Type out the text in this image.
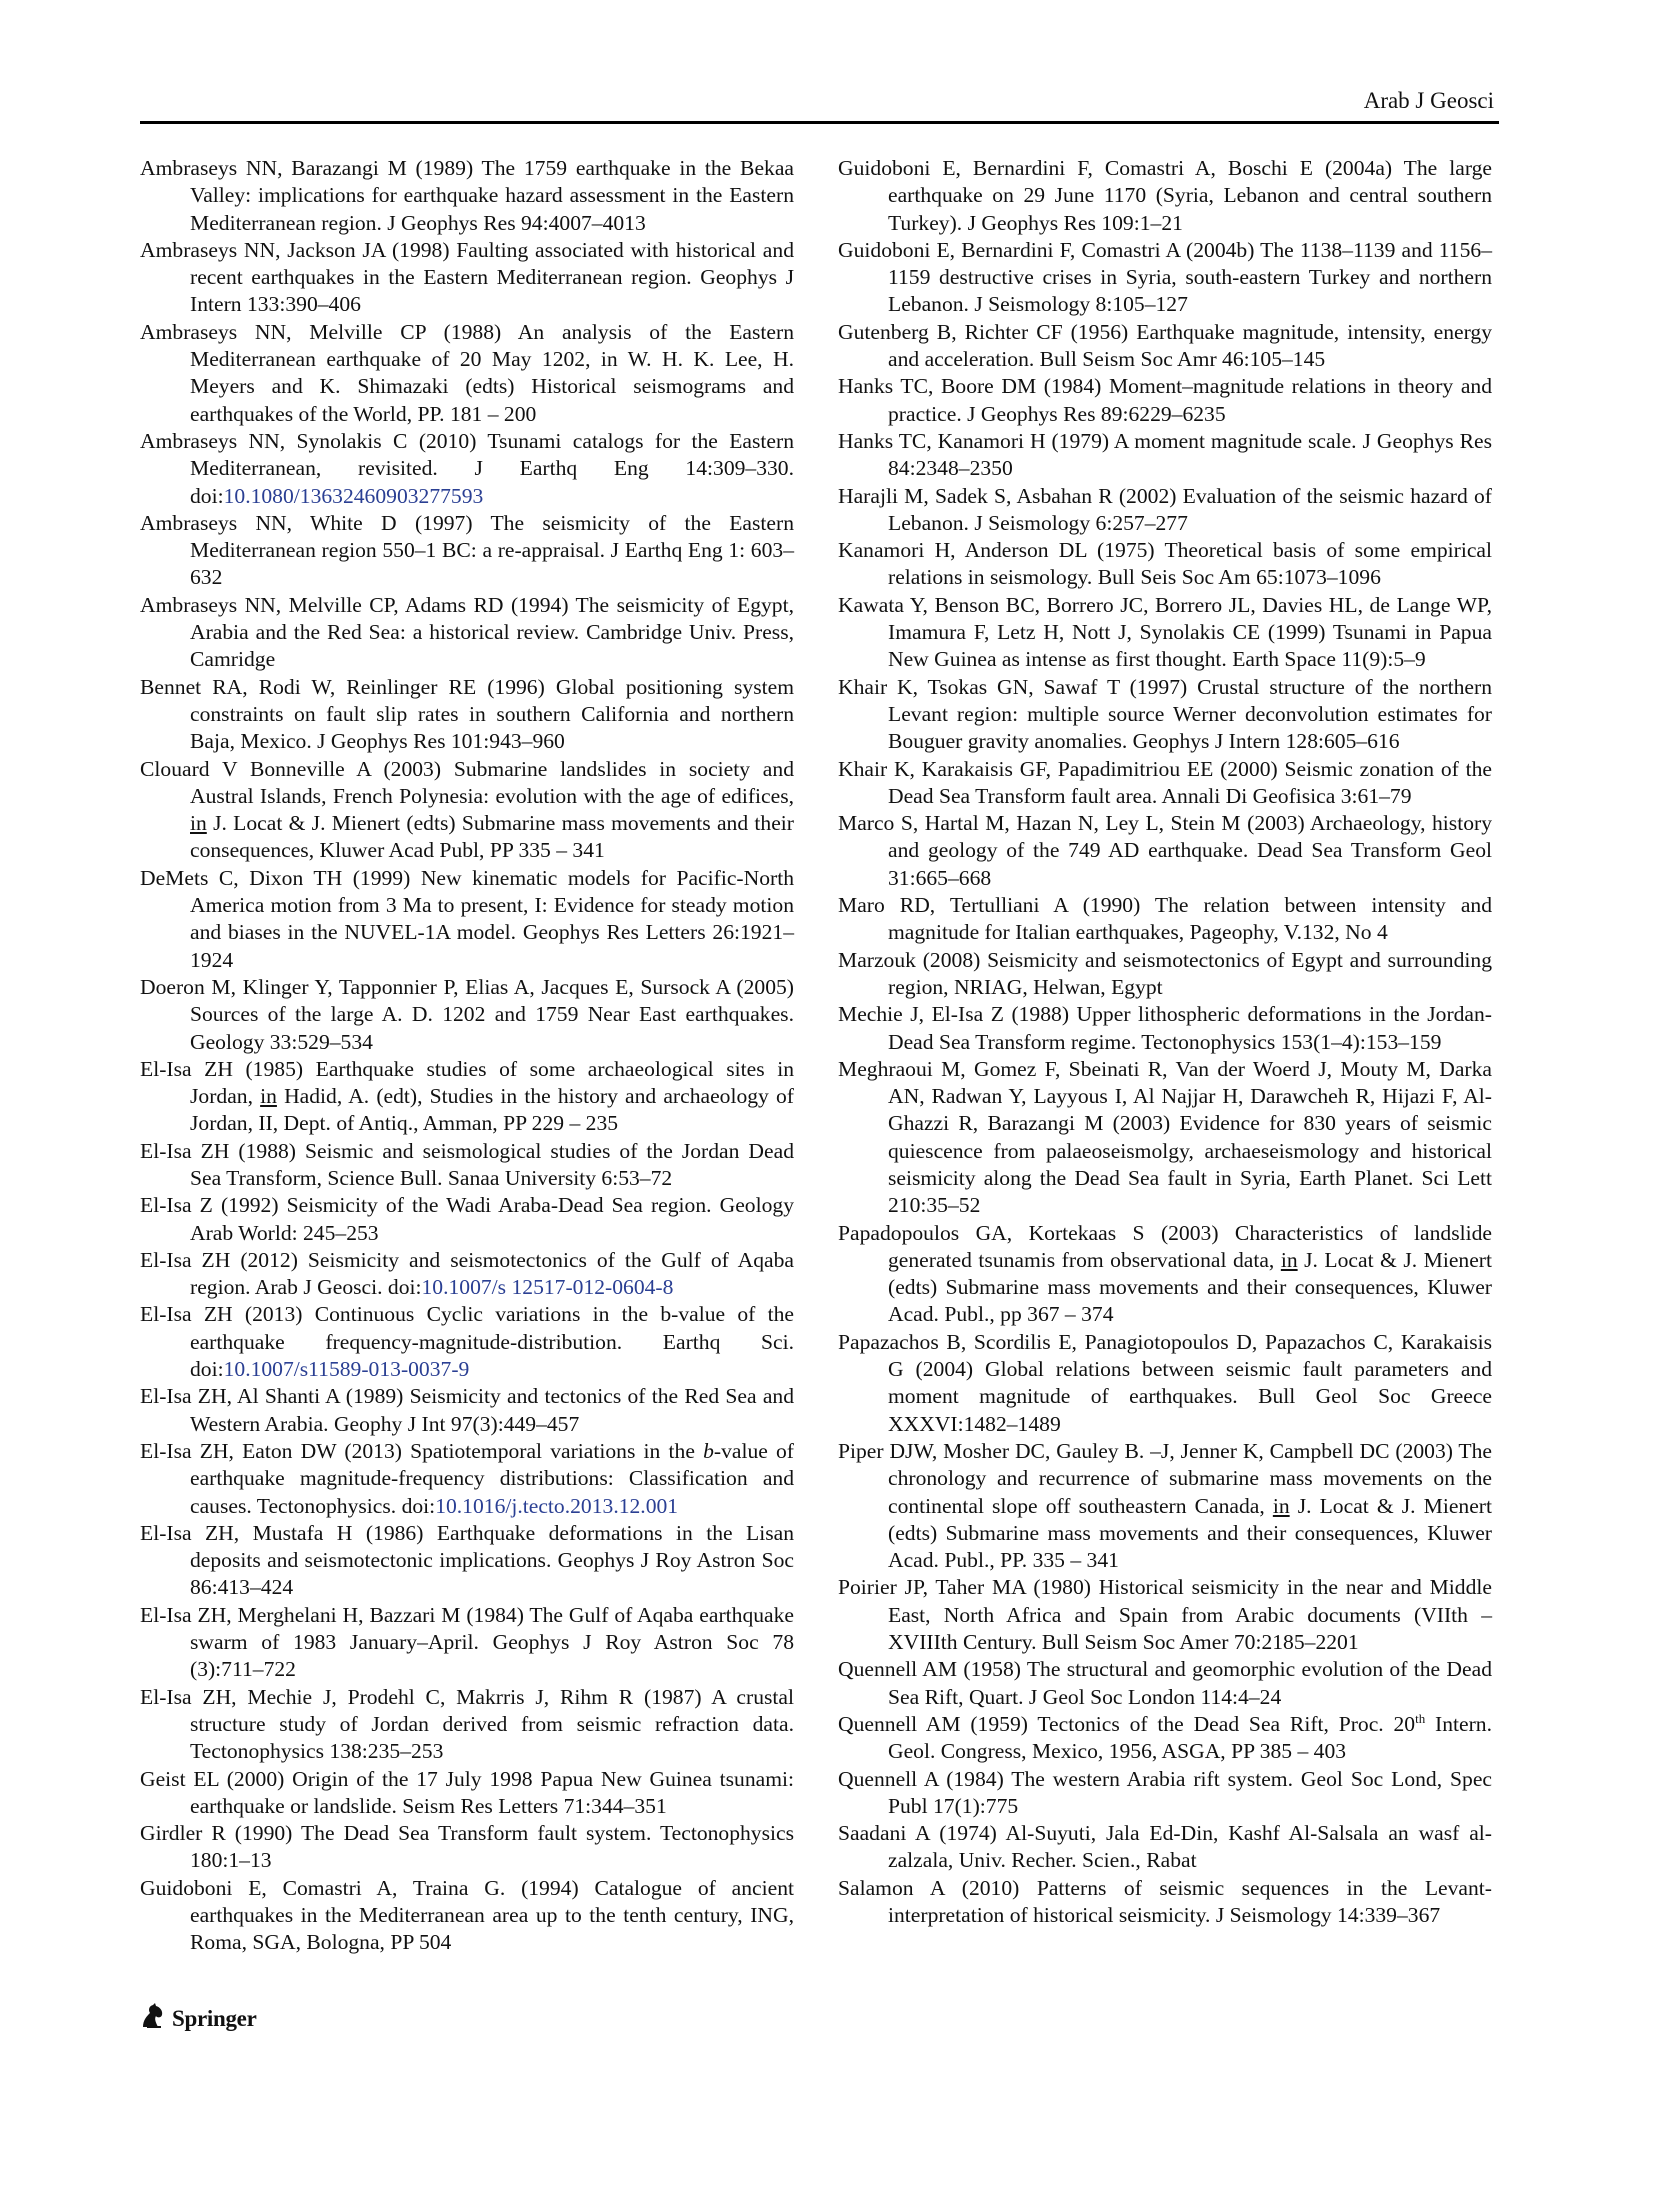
Arab J Geosci

Ambraseys NN, Barazangi M (1989) The 1759 earthquake in the Bekaa Valley: implications for earthquake hazard assessment in the Eastern Mediterranean region. J Geophys Res 94:4007–4013

Ambraseys NN, Jackson JA (1998) Faulting associated with historical and recent earthquakes in the Eastern Mediterranean region. Geophys J Intern 133:390–406

Ambraseys NN, Melville CP (1988) An analysis of the Eastern Mediterranean earthquake of 20 May 1202, in W. H. K. Lee, H. Meyers and K. Shimazaki (edts) Historical seismograms and earthquakes of the World, PP. 181 – 200

Ambraseys NN, Synolakis C (2010) Tsunami catalogs for the Eastern Mediterranean, revisited. J Earthq Eng 14:309–330. doi:10.1080/13632460903277593

Ambraseys NN, White D (1997) The seismicity of the Eastern Mediterranean region 550–1 BC: a re-appraisal. J Earthq Eng 1: 603–632

Ambraseys NN, Melville CP, Adams RD (1994) The seismicity of Egypt, Arabia and the Red Sea: a historical review. Cambridge Univ. Press, Camridge

Bennet RA, Rodi W, Reinlinger RE (1996) Global positioning system constraints on fault slip rates in southern California and northern Baja, Mexico. J Geophys Res 101:943–960

Clouard V Bonneville A (2003) Submarine landslides in society and Austral Islands, French Polynesia: evolution with the age of edifices, in J. Locat & J. Mienert (edts) Submarine mass movements and their consequences, Kluwer Acad Publ, PP 335 – 341

DeMets C, Dixon TH (1999) New kinematic models for Pacific-North America motion from 3 Ma to present, I: Evidence for steady motion and biases in the NUVEL-1A model. Geophys Res Letters 26:1921–1924

Doeron M, Klinger Y, Tapponnier P, Elias A, Jacques E, Sursock A (2005) Sources of the large A. D. 1202 and 1759 Near East earthquakes. Geology 33:529–534

El-Isa ZH (1985) Earthquake studies of some archaeological sites in Jordan, in Hadid, A. (edt), Studies in the history and archaeology of Jordan, II, Dept. of Antiq., Amman, PP 229 – 235

El-Isa ZH (1988) Seismic and seismological studies of the Jordan Dead Sea Transform, Science Bull. Sanaa University 6:53–72

El-Isa Z (1992) Seismicity of the Wadi Araba-Dead Sea region. Geology Arab World: 245–253

El-Isa ZH (2012) Seismicity and seismotectonics of the Gulf of Aqaba region. Arab J Geosci. doi:10.1007/s 12517-012-0604-8

El-Isa ZH (2013) Continuous Cyclic variations in the b-value of the earthquake frequency-magnitude-distribution. Earthq Sci. doi:10.1007/s11589-013-0037-9

El-Isa ZH, Al Shanti A (1989) Seismicity and tectonics of the Red Sea and Western Arabia. Geophy J Int 97(3):449–457

El-Isa ZH, Eaton DW (2013) Spatiotemporal variations in the b-value of earthquake magnitude-frequency distributions: Classification and causes. Tectonophysics. doi:10.1016/j.tecto.2013.12.001

El-Isa ZH, Mustafa H (1986) Earthquake deformations in the Lisan deposits and seismotectonic implications. Geophys J Roy Astron Soc 86:413–424

El-Isa ZH, Merghelani H, Bazzari M (1984) The Gulf of Aqaba earthquake swarm of 1983 January–April. Geophys J Roy Astron Soc 78 (3):711–722

El-Isa ZH, Mechie J, Prodehl C, Makrris J, Rihm R (1987) A crustal structure study of Jordan derived from seismic refraction data. Tectonophysics 138:235–253

Geist EL (2000) Origin of the 17 July 1998 Papua New Guinea tsunami: earthquake or landslide. Seism Res Letters 71:344–351

Girdler R (1990) The Dead Sea Transform fault system. Tectonophysics 180:1–13

Guidoboni E, Comastri A, Traina G. (1994) Catalogue of ancient earthquakes in the Mediterranean area up to the tenth century, ING, Roma, SGA, Bologna, PP 504

Guidoboni E, Bernardini F, Comastri A, Boschi E (2004a) The large earthquake on 29 June 1170 (Syria, Lebanon and central southern Turkey). J Geophys Res 109:1–21

Guidoboni E, Bernardini F, Comastri A (2004b) The 1138–1139 and 1156–1159 destructive crises in Syria, south-eastern Turkey and northern Lebanon. J Seismology 8:105–127

Gutenberg B, Richter CF (1956) Earthquake magnitude, intensity, energy and acceleration. Bull Seism Soc Amr 46:105–145

Hanks TC, Boore DM (1984) Moment–magnitude relations in theory and practice. J Geophys Res 89:6229–6235

Hanks TC, Kanamori H (1979) A moment magnitude scale. J Geophys Res 84:2348–2350

Harajli M, Sadek S, Asbahan R (2002) Evaluation of the seismic hazard of Lebanon. J Seismology 6:257–277

Kanamori H, Anderson DL (1975) Theoretical basis of some empirical relations in seismology. Bull Seis Soc Am 65:1073–1096

Kawata Y, Benson BC, Borrero JC, Borrero JL, Davies HL, de Lange WP, Imamura F, Letz H, Nott J, Synolakis CE (1999) Tsunami in Papua New Guinea as intense as first thought. Earth Space 11(9):5–9

Khair K, Tsokas GN, Sawaf T (1997) Crustal structure of the northern Levant region: multiple source Werner deconvolution estimates for Bouguer gravity anomalies. Geophys J Intern 128:605–616

Khair K, Karakaisis GF, Papadimitriou EE (2000) Seismic zonation of the Dead Sea Transform fault area. Annali Di Geofisica 3:61–79

Marco S, Hartal M, Hazan N, Ley L, Stein M (2003) Archaeology, history and geology of the 749 AD earthquake. Dead Sea Transform Geol 31:665–668

Maro RD, Tertulliani A (1990) The relation between intensity and magnitude for Italian earthquakes, Pageophy, V.132, No 4

Marzouk (2008) Seismicity and seismotectonics of Egypt and surrounding region, NRIAG, Helwan, Egypt

Mechie J, El-Isa Z (1988) Upper lithospheric deformations in the Jordan-Dead Sea Transform regime. Tectonophysics 153(1–4):153–159

Meghraoui M, Gomez F, Sbeinati R, Van der Woerd J, Mouty M, Darka AN, Radwan Y, Layyous I, Al Najjar H, Darawcheh R, Hijazi F, Al-Ghazzi R, Barazangi M (2003) Evidence for 830 years of seismic quiescence from palaeoseismolgy, archaeseismology and historical seismicity along the Dead Sea fault in Syria, Earth Planet. Sci Lett 210:35–52

Papadopoulos GA, Kortekaas S (2003) Characteristics of landslide generated tsunamis from observational data, in J. Locat & J. Mienert (edts) Submarine mass movements and their consequences, Kluwer Acad. Publ., pp 367 – 374

Papazachos B, Scordilis E, Panagiotopoulos D, Papazachos C, Karakaisis G (2004) Global relations between seismic fault parameters and moment magnitude of earthquakes. Bull Geol Soc Greece XXXVI:1482–1489

Piper DJW, Mosher DC, Gauley B. –J, Jenner K, Campbell DC (2003) The chronology and recurrence of submarine mass movements on the continental slope off southeastern Canada, in J. Locat & J. Mienert (edts) Submarine mass movements and their consequences, Kluwer Acad. Publ., PP. 335 – 341

Poirier JP, Taher MA (1980) Historical seismicity in the near and Middle East, North Africa and Spain from Arabic documents (VIIth – XVIIIth Century. Bull Seism Soc Amer 70:2185–2201

Quennell AM (1958) The structural and geomorphic evolution of the Dead Sea Rift, Quart. J Geol Soc London 114:4–24

Quennell AM (1959) Tectonics of the Dead Sea Rift, Proc. 20th Intern. Geol. Congress, Mexico, 1956, ASGA, PP 385 – 403

Quennell A (1984) The western Arabia rift system. Geol Soc Lond, Spec Publ 17(1):775

Saadani A (1974) Al-Suyuti, Jala Ed-Din, Kashf Al-Salsala an wasf al-zalzala, Univ. Recher. Scien., Rabat

Salamon A (2010) Patterns of seismic sequences in the Levant-interpretation of historical seismicity. J Seismology 14:339–367

Springer
